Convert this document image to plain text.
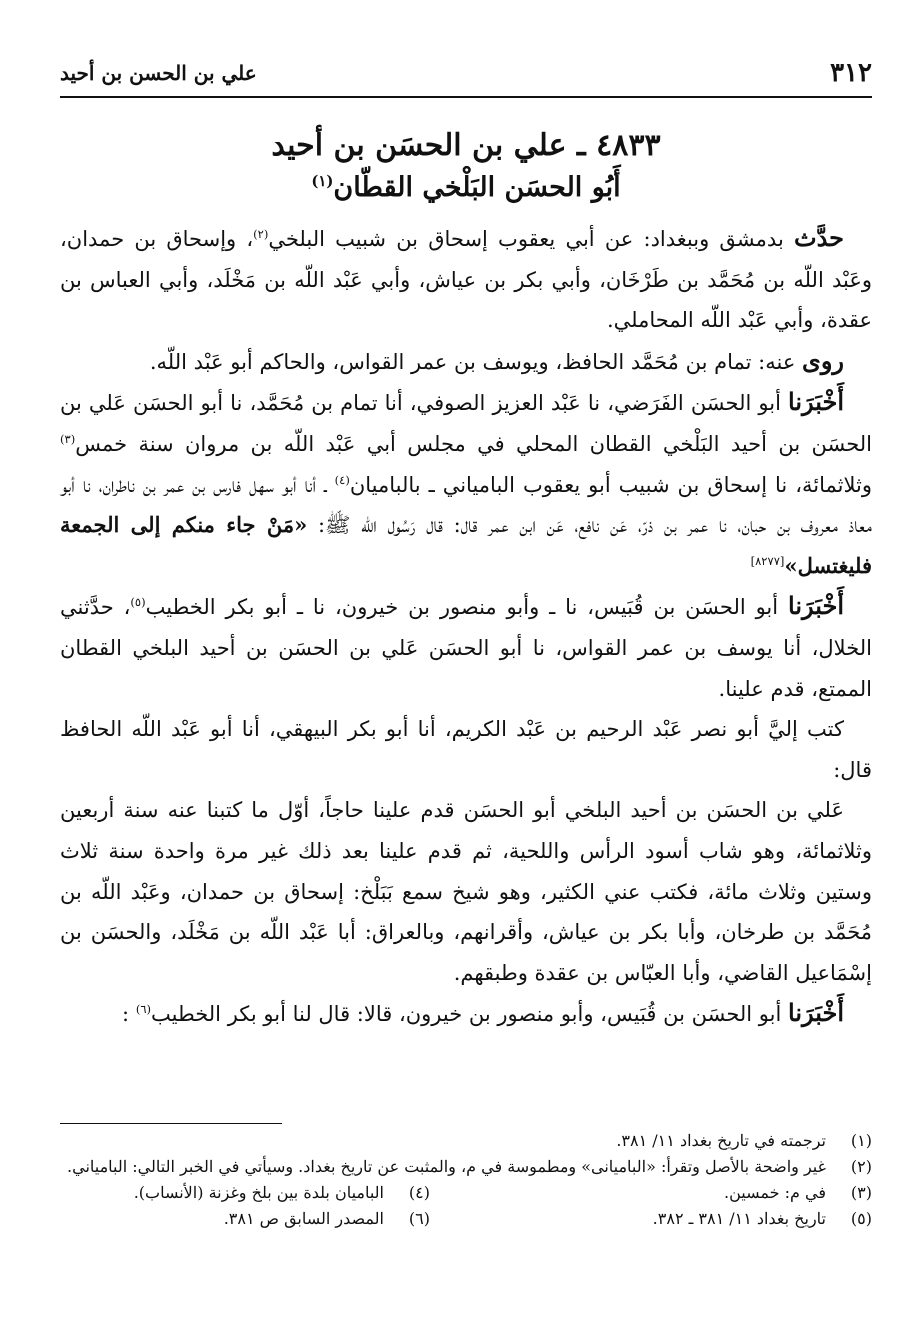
٣١٢
علي بن الحسن بن أحيد
٤٨٣٣ ـ علي بن الحسَن بن أحيد
أَبُو الحسَن البَلْخي القطّان$^{(١)}$

حدَّث بدمشق وببغداد: عن أبي يعقوب إسحاق بن شبيب البلخي$^{(٢)}$، وإسحاق بن حمدان، وعَبْد اللّه بن مُحَمَّد بن طَرْخَان، وأبي بكر بن عياش، وأبي عَبْد اللّه بن مَخْلَد، وأبي العباس بن عقدة، وأبي عَبْد اللّه المحاملي.

روى عنه: تمام بن مُحَمَّد الحافظ، ويوسف بن عمر القواس، والحاكم أبو عَبْد اللّه.

أَخْبَرَنا أبو الحسَن الفَرَضي، نا عَبْد العزيز الصوفي، أنا تمام بن مُحَمَّد، نا أبو الحسَن عَلي بن الحسَن بن أحيد البَلْخي القطان المحلي في مجلس أبي عَبْد اللّه بن مروان سنة خمس$^{(٣)}$ وثلاثمائة، نا إسحاق بن شبيب أبو يعقوب البامياني ـ بالباميان$^{(٤)}$ ـ أنا أبو سهل فارس بن عمر بن ناطران، نا أبو معاذ معروف بن حبان، نا عمر بن ذرّ، عَن نافع، عَن ابن عمر قال: قال رَسُول اللّه ﷺ: «مَنْ جاء منكم إلى الجمعة فليغتسل»[٨٢٧٧]

أَخْبَرَنا أبو الحسَن بن قُبَيس، نا ـ وأبو منصور بن خيرون، نا ـ أبو بكر الخطيب$^{(٥)}$، حدَّثني الخلال، أنا يوسف بن عمر القواس، نا أبو الحسَن عَلي بن الحسَن بن أحيد البلخي القطان الممتع، قدم علينا.

كتب إليَّ أبو نصر عَبْد الرحيم بن عَبْد الكريم، أنا أبو بكر البيهقي، أنا أبو عَبْد اللّه الحافظ قال:

عَلي بن الحسَن بن أحيد البلخي أبو الحسَن قدم علينا حاجاً، أوّل ما كتبنا عنه سنة أربعين وثلاثمائة، وهو شاب أسود الرأس واللحية، ثم قدم علينا بعد ذلك غير مرة واحدة سنة ثلاث وستين وثلاث مائة، فكتب عني الكثير، وهو شيخ سمع بَبَلْخ: إسحاق بن حمدان، وعَبْد اللّه بن مُحَمَّد بن طرخان، وأبا بكر بن عياش، وأقرانهم، وبالعراق: أبا عَبْد اللّه بن مَخْلَد، والحسَن بن إسْمَاعيل القاضي، وأبا العبّاس بن عقدة وطبقهم.

أَخْبَرَنا أبو الحسَن بن قُبَيس، وأبو منصور بن خيرون، قالا: قال لنا أبو بكر الخطيب$^{(٦)}$ :

(١)
ترجمته في تاريخ بغداد ١١/ ٣٨١.
(٢)
غير واضحة بالأصل وتقرأ: «الباميانى» ومطموسة في م، والمثبت عن تاريخ بغداد. وسيأتي في الخبر التالي: البامياني.
(٣)
في م: خمسين.
(٤)
الباميان بلدة بين بلخ وغزنة (الأنساب).
(٥)
تاريخ بغداد ١١/ ٣٨١ ـ ٣٨٢.
(٦)
المصدر السابق ص ٣٨١.
